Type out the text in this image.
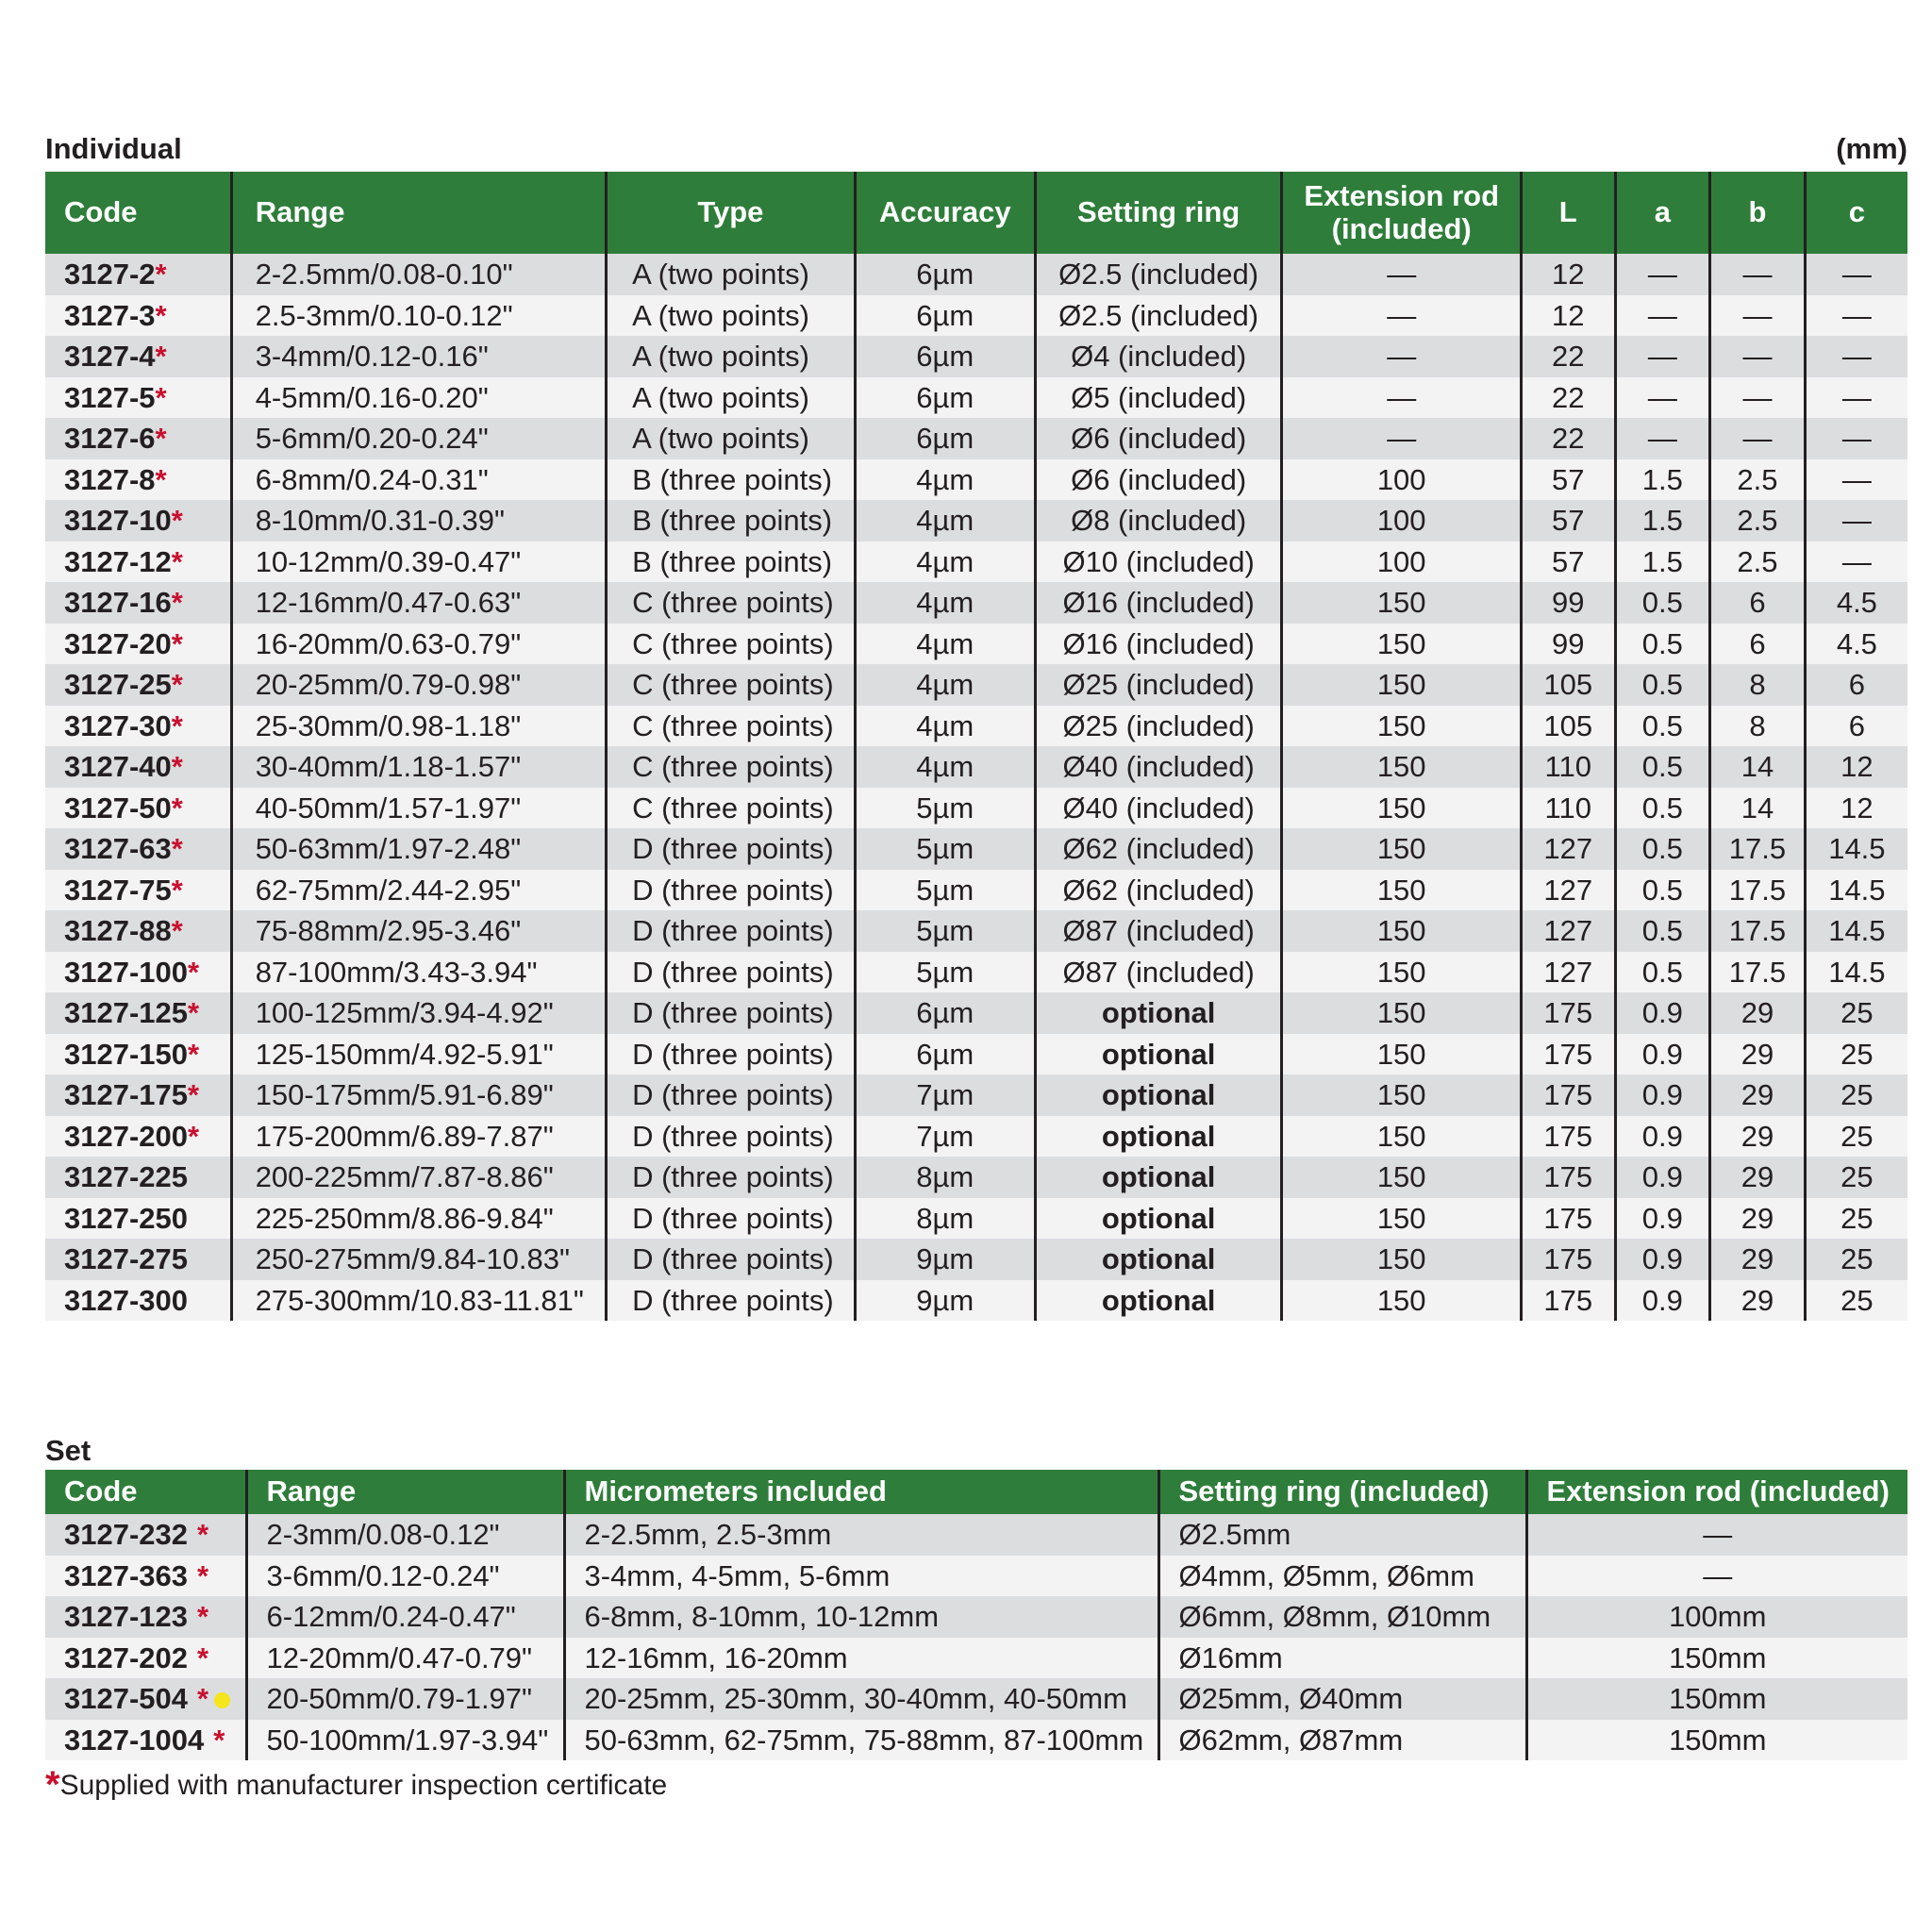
Individual	(mm)
Code	Range	Type	Accuracy	Setting ring	Extension rod (included)	L	a	b	c
3127-2*	2-2.5mm/0.08-0.10"	A (two points)	6µm	Ø2.5 (included)	—	12	—	—	—
3127-3*	2.5-3mm/0.10-0.12"	A (two points)	6µm	Ø2.5 (included)	—	12	—	—	—
3127-4*	3-4mm/0.12-0.16"	A (two points)	6µm	Ø4 (included)	—	22	—	—	—
3127-5*	4-5mm/0.16-0.20"	A (two points)	6µm	Ø5 (included)	—	22	—	—	—
3127-6*	5-6mm/0.20-0.24"	A (two points)	6µm	Ø6 (included)	—	22	—	—	—
3127-8*	6-8mm/0.24-0.31"	B (three points)	4µm	Ø6 (included)	100	57	1.5	2.5	—
3127-10*	8-10mm/0.31-0.39"	B (three points)	4µm	Ø8 (included)	100	57	1.5	2.5	—
3127-12*	10-12mm/0.39-0.47"	B (three points)	4µm	Ø10 (included)	100	57	1.5	2.5	—
3127-16*	12-16mm/0.47-0.63"	C (three points)	4µm	Ø16 (included)	150	99	0.5	6	4.5
3127-20*	16-20mm/0.63-0.79"	C (three points)	4µm	Ø16 (included)	150	99	0.5	6	4.5
3127-25*	20-25mm/0.79-0.98"	C (three points)	4µm	Ø25 (included)	150	105	0.5	8	6
3127-30*	25-30mm/0.98-1.18"	C (three points)	4µm	Ø25 (included)	150	105	0.5	8	6
3127-40*	30-40mm/1.18-1.57"	C (three points)	4µm	Ø40 (included)	150	110	0.5	14	12
3127-50*	40-50mm/1.57-1.97"	C (three points)	5µm	Ø40 (included)	150	110	0.5	14	12
3127-63*	50-63mm/1.97-2.48"	D (three points)	5µm	Ø62 (included)	150	127	0.5	17.5	14.5
3127-75*	62-75mm/2.44-2.95"	D (three points)	5µm	Ø62 (included)	150	127	0.5	17.5	14.5
3127-88*	75-88mm/2.95-3.46"	D (three points)	5µm	Ø87 (included)	150	127	0.5	17.5	14.5
3127-100*	87-100mm/3.43-3.94"	D (three points)	5µm	Ø87 (included)	150	127	0.5	17.5	14.5
3127-125*	100-125mm/3.94-4.92"	D (three points)	6µm	optional	150	175	0.9	29	25
3127-150*	125-150mm/4.92-5.91"	D (three points)	6µm	optional	150	175	0.9	29	25
3127-175*	150-175mm/5.91-6.89"	D (three points)	7µm	optional	150	175	0.9	29	25
3127-200*	175-200mm/6.89-7.87"	D (three points)	7µm	optional	150	175	0.9	29	25
3127-225	200-225mm/7.87-8.86"	D (three points)	8µm	optional	150	175	0.9	29	25
3127-250	225-250mm/8.86-9.84"	D (three points)	8µm	optional	150	175	0.9	29	25
3127-275	250-275mm/9.84-10.83"	D (three points)	9µm	optional	150	175	0.9	29	25
3127-300	275-300mm/10.83-11.81"	D (three points)	9µm	optional	150	175	0.9	29	25
Set
Code	Range	Micrometers included	Setting ring (included)	Extension rod (included)
3127-232 *	2-3mm/0.08-0.12"	2-2.5mm, 2.5-3mm	Ø2.5mm	—
3127-363 *	3-6mm/0.12-0.24"	3-4mm, 4-5mm, 5-6mm	Ø4mm, Ø5mm, Ø6mm	—
3127-123 *	6-12mm/0.24-0.47"	6-8mm, 8-10mm, 10-12mm	Ø6mm, Ø8mm, Ø10mm	100mm
3127-202 *	12-20mm/0.47-0.79"	12-16mm, 16-20mm	Ø16mm	150mm
3127-504 *	20-50mm/0.79-1.97"	20-25mm, 25-30mm, 30-40mm, 40-50mm	Ø25mm, Ø40mm	150mm
3127-1004 *	50-100mm/1.97-3.94"	50-63mm, 62-75mm, 75-88mm, 87-100mm	Ø62mm, Ø87mm	150mm
*Supplied with manufacturer inspection certificate
